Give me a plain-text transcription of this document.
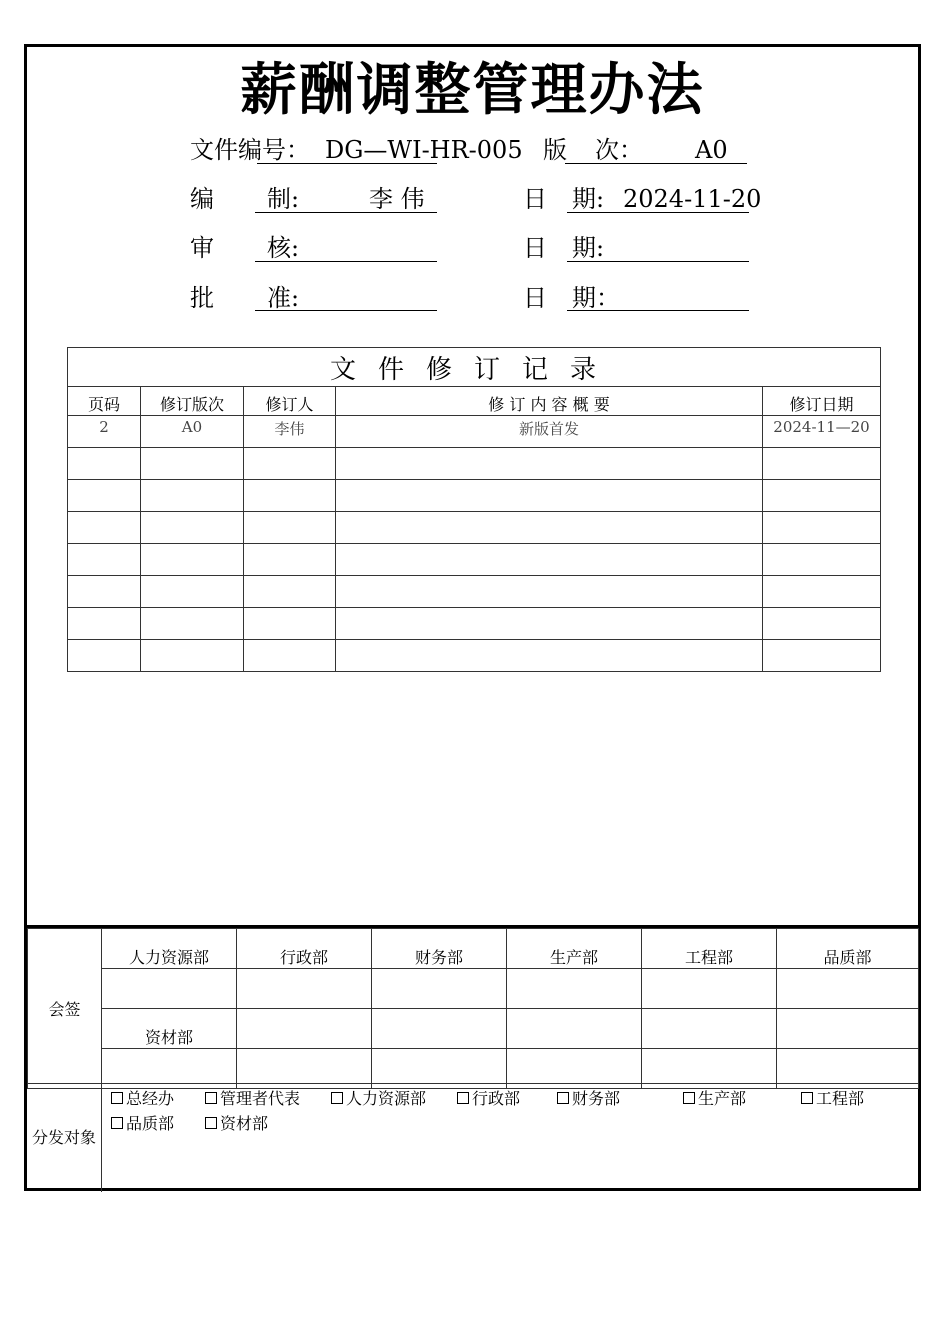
薪酬调整管理办法
文件编号： DG—WI-HR-005 版 次： A0
编 制:	李 伟	日 期: 2024-11-20
审 核:	日 期:
批 准:	日 期：
文件修订记录				
页码	修订版次	修订人	修 订 内 容 概 要	修订日期
2	A0	李伟	新版首发	2024-11—20

会签	人力资源部	行政部	财务部	生产部	工程部	品质部

	资材部					

分发对象
总经办	管理者代表	人力资源部	行政部	财务部	生产部	工程部
品质部	资材部
